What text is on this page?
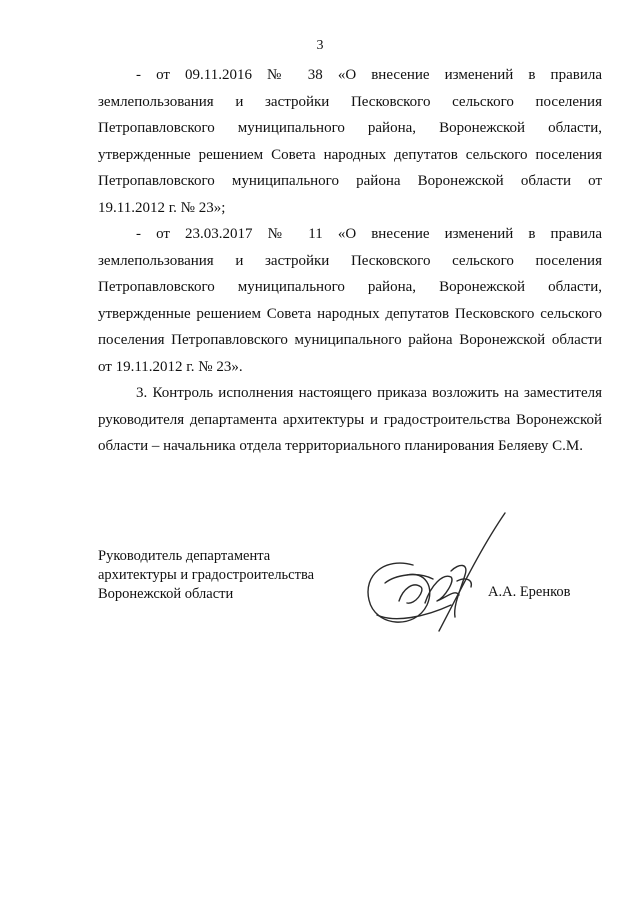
3

- от 09.11.2016 № 38 «О внесение изменений в правила землепользования и застройки Песковского сельского поселения Петропавловского муниципального района, Воронежской области, утвержденные решением Совета народных депутатов сельского поселения Петропавловского муниципального района Воронежской области от 19.11.2012 г. № 23»;

- от 23.03.2017 № 11 «О внесение изменений в правила землепользования и застройки Песковского сельского поселения Петропавловского муниципального района, Воронежской области, утвержденные решением Совета народных депутатов Песковского сельского поселения Петропавловского муниципального района Воронежской области от 19.11.2012 г. № 23».

3. Контроль исполнения настоящего приказа возложить на заместителя руководителя департамента архитектуры и градостроительства Воронежской области – начальника отдела территориального планирования Беляеву С.М.

Руководитель департамента
архитектуры и градостроительства
Воронежской области	А.А. Еренков
